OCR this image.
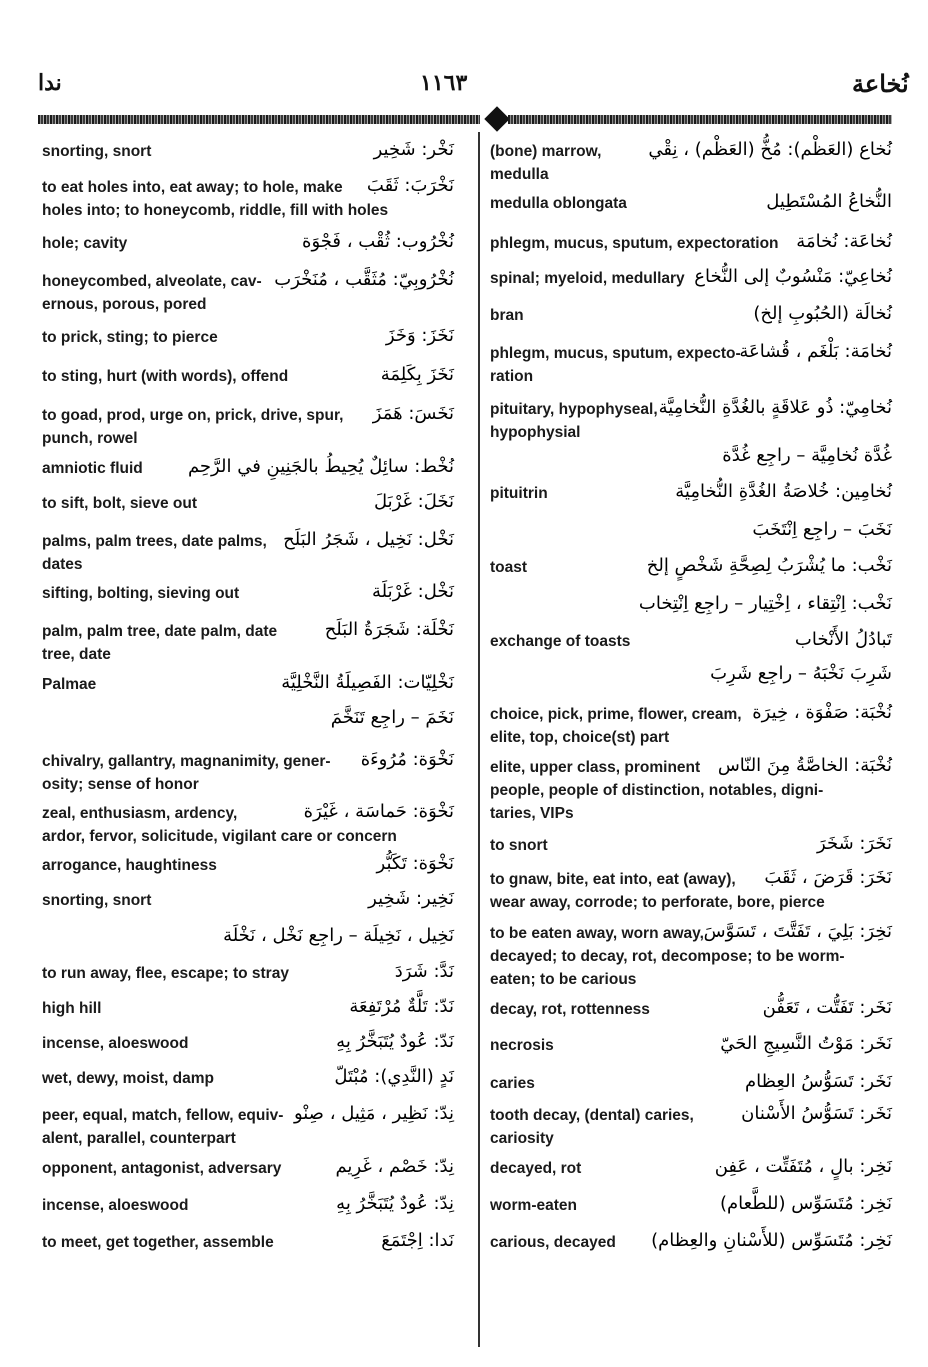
ندا	١١٦٣	نُخاعة
نَخْر: شَخِير
snorting, snort
نَخْرَبَ: ثَقَبَ
to eat holes into, eat away; to hole, make
holes into; to honeycomb, riddle, fill with holes
نُخْرُوب: ثُقْب ، فَجْوَة
hole; cavity
نُخْرُوبِيّ: مُثَقَّب ، مُنَخْرَب
honeycombed, alveolate, cav-
ernous, porous, pored
نَخَزَ: وَخَزَ
to prick, sting; to pierce
نَخَزَ بِكَلِمَة
to sting, hurt (with words), offend
نَخَسَ: هَمَزَ
to goad, prod, urge on, prick, drive, spur,
punch, rowel
نُخْط: سائِلٌ يُحِيطُ بالجَنِينِ في الرَّحِم
amniotic fluid
نَخَلَ: غَرْبَلَ
to sift, bolt, sieve out
نَخْل: نَخِيل ، شَجَرُ البَلَح
palms, palm trees, date palms,
dates
نَخْل: غَرْبَلَة
sifting, bolting, sieving out
نَخْلَة: شَجَرَةُ البَلَح
palm, palm tree, date palm, date
tree, date
نَخْلِيّات: الفَصِيلَةُ النَّخْلِيَّة
Palmae
نَخَمَ – راجِع تَنَخَّمَ
نَخْوَة: مُرُوءَة
chivalry, gallantry, magnanimity, gener-
osity; sense of honor
نَخْوَة: حَماسَة ، غَيْرَة
zeal, enthusiasm, ardency,
ardor, fervor, solicitude, vigilant care or concern
نَخْوَة: تَكَبُّر
arrogance, haughtiness
نَخِير: شَخِير
snorting, snort
نَخِيل ، نَخِيلَة – راجِع نَخْل ، نَخْلَة
نَدَّ: شَرَدَ
to run away, flee, escape; to stray
نَدّ: تَلَّةٌ مُرْتَفِعَة
high hill
نَدّ: عُودٌ يُتَبَخَّرُ بِهِ
incense, aloeswood
نَدٍ (النَّدِي): مُبْتَلّ
wet, dewy, moist, damp
نِدّ: نَظِير ، مَثِيل ، صِنْو
peer, equal, match, fellow, equiv-
alent, parallel, counterpart
نِدّ: خَصْم ، غَرِيم
opponent, antagonist, adversary
نِدّ: عُودٌ يُتَبَخَّرُ بِهِ
incense, aloeswood
نَدا: اِجْتَمَعَ
to meet, get together, assemble
نُخاع (العَظْم): مُخُّ (العَظْم) ، نِقْي
(bone) marrow,
medulla
النُّخاعُ المُسْتَطِيل
medulla oblongata
نُخاعَة: نُخامَة
phlegm, mucus, sputum, expectoration
نُخاعِيّ: مَنْسُوبٌ إلى النُّخاع
spinal; myeloid, medullary
نُخالَة (الحُبُوبِ إلخ)
bran
نُخامَة: بَلْغَم ، قُشاعَة
phlegm, mucus, sputum, expecto-
ration
نُخامِيّ: ذُو عَلاقَةٍ بالغُدَّةِ النُّخامِيَّة
pituitary, hypophyseal,
hypophysial
غُدَّة نُخامِيَّة – راجِع غُدَّة
نُخامِين: خُلاصَةُ الغُدَّةِ النُّخامِيَّة
pituitrin
نَخَبَ – راجِع اِنْتَخَبَ
نَخْب: ما يُشْرَبُ لِصِحَّةِ شَخْصٍ إلخ
toast
نَخْب: اِنْتِقاء ، اِخْتِيار – راجِع اِنْتِخاب
تَبادُلُ الأَنْخاب
exchange of toasts
شَرِبَ نَخْبَهُ – راجِع شَرِبَ
نُخْبَة: صَفْوَة ، خِيرَة
choice, pick, prime, flower, cream,
elite, top, choice(st) part
نُخْبَة: الخاصَّةُ مِنَ النّاس
elite, upper class, prominent
people, people of distinction, notables, digni-
taries, VIPs
نَخَرَ: شَخَرَ
to snort
نَخَرَ: قَرَضَ ، ثَقَبَ
to gnaw, bite, eat into, eat (away),
wear away, corrode; to perforate, bore, pierce
نَخِرَ: بَلِيَ ، تَفَتَّتَ ، تَسَوَّسَ
to be eaten away, worn away,
decayed; to decay, rot, decompose; to be worm-
eaten; to be carious
نَخَر: تَفَتُّت ، تَعَفُّن
decay, rot, rottenness
نَخَر: مَوْتُ النَّسِيجِ الحَيّ
necrosis
نَخَر: تَسَوُّسُ العِظام
caries
نَخَر: تَسَوُّسُ الأَسْنان
tooth decay, (dental) caries,
cariosity
نَخِر: بالٍ ، مُتَفَتِّت ، عَفِن
decayed, rot
نَخِر: مُتَسَوِّس (للطَّعام)
worm-eaten
نَخِر: مُتَسَوِّس (للأَسْنانِ والعِظام)
carious, decayed
